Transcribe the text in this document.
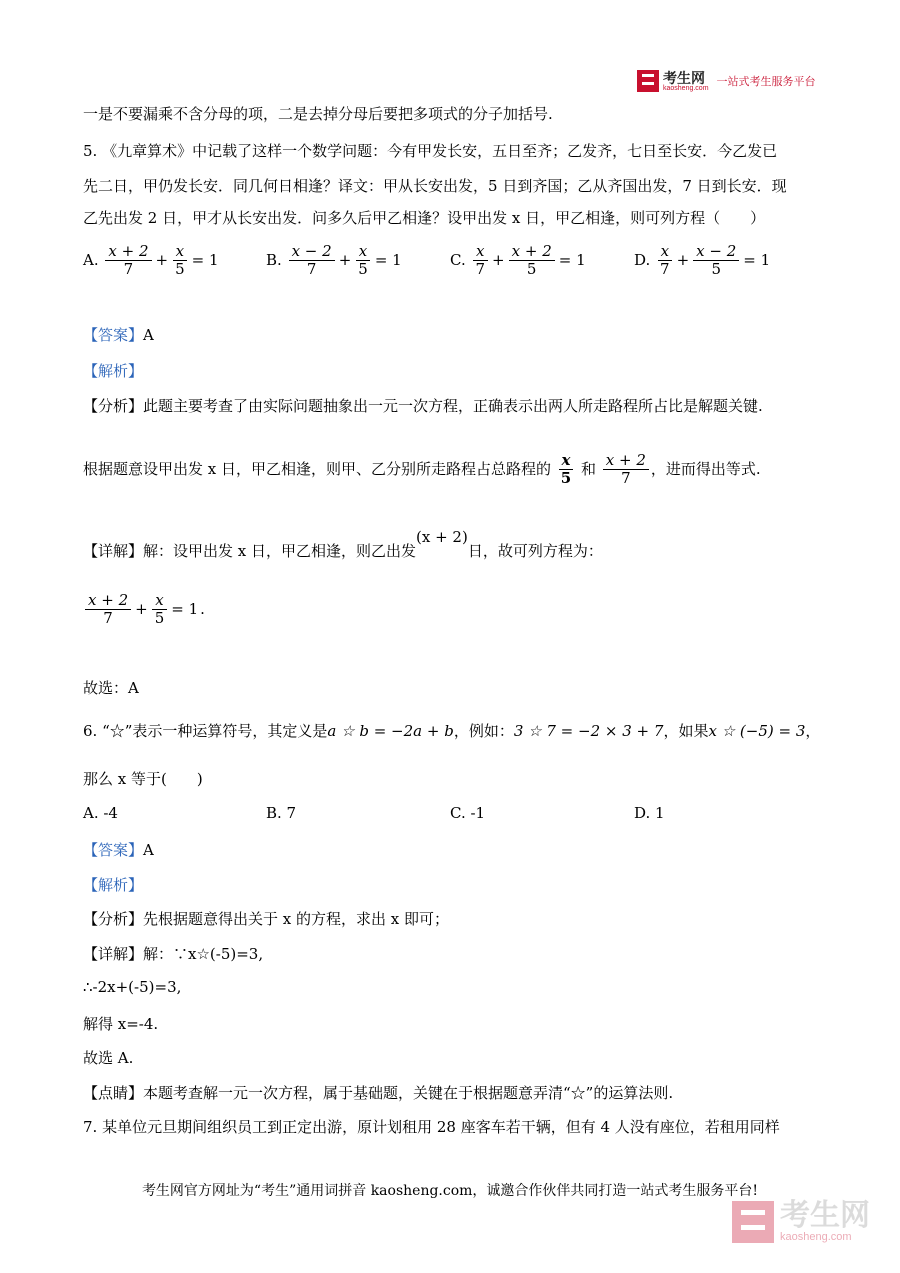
考生网
kaosheng.com 一站式考生服务平台
一是不要漏乘不含分母的项，二是去掉分母后要把多项式的分子加括号.
5. 《九章算术》中记载了这样一个数学问题：今有甲发长安，五日至齐；乙发齐，七日至长安．今乙发已
先二日，甲仍发长安．同几何日相逢？译文：甲从长安出发，5 日到齐国；乙从齐国出发，7 日到长安．现
乙先出发 2 日，甲才从长安出发．问多久后甲乙相逢？设甲出发 x 日，甲乙相逢，则可列方程（　　）
A. $\frac{x + 2}{7} + \frac{x}{5} = 1$	B. $\frac{x - 2}{7} + \frac{x}{5} = 1$	C. $\frac{x}{7} + \frac{x + 2}{5} = 1$	D. $\frac{x}{7} + \frac{x - 2}{5} = 1$
【答案】A
【解析】
【分析】此题主要考查了由实际问题抽象出一元一次方程，正确表示出两人所走路程所占比是解题关键.
根据题意设甲出发 x 日，甲乙相逢，则甲、乙分别所走路程占总路程的 $\frac{x}{5}$ 和 $\frac{x + 2}{7}$ ，进而得出等式.
【详解】解：设甲出发 x 日，甲乙相逢，则乙出发(x + 2)日，故可列方程为：
$\frac{x + 2}{7} + \frac{x}{5} = 1$ .
故选：A
6. “☆”表示一种运算符号，其定义是a ☆ b = −2a + b，例如：3 ☆ 7 = −2 × 3 + 7，如果x ☆ (−5) = 3，
那么 x 等于(　　)
A. -4	B. 7	C. -1	D. 1
【答案】A
【解析】
【分析】先根据题意得出关于 x 的方程，求出 x 即可；
【详解】解：∵x☆(-5)=3,
∴-2x+(-5)=3,
解得 x=-4.
故选 A.
【点睛】本题考查解一元一次方程，属于基础题，关键在于根据题意弄清“☆”的运算法则.
7. 某单位元旦期间组织员工到正定出游，原计划租用 28 座客车若干辆，但有 4 人没有座位，若租用同样
考生网官方网址为“考生”通用词拼音 kaosheng.com，诚邀合作伙伴共同打造一站式考生服务平台!
考生网
kaosheng.com
